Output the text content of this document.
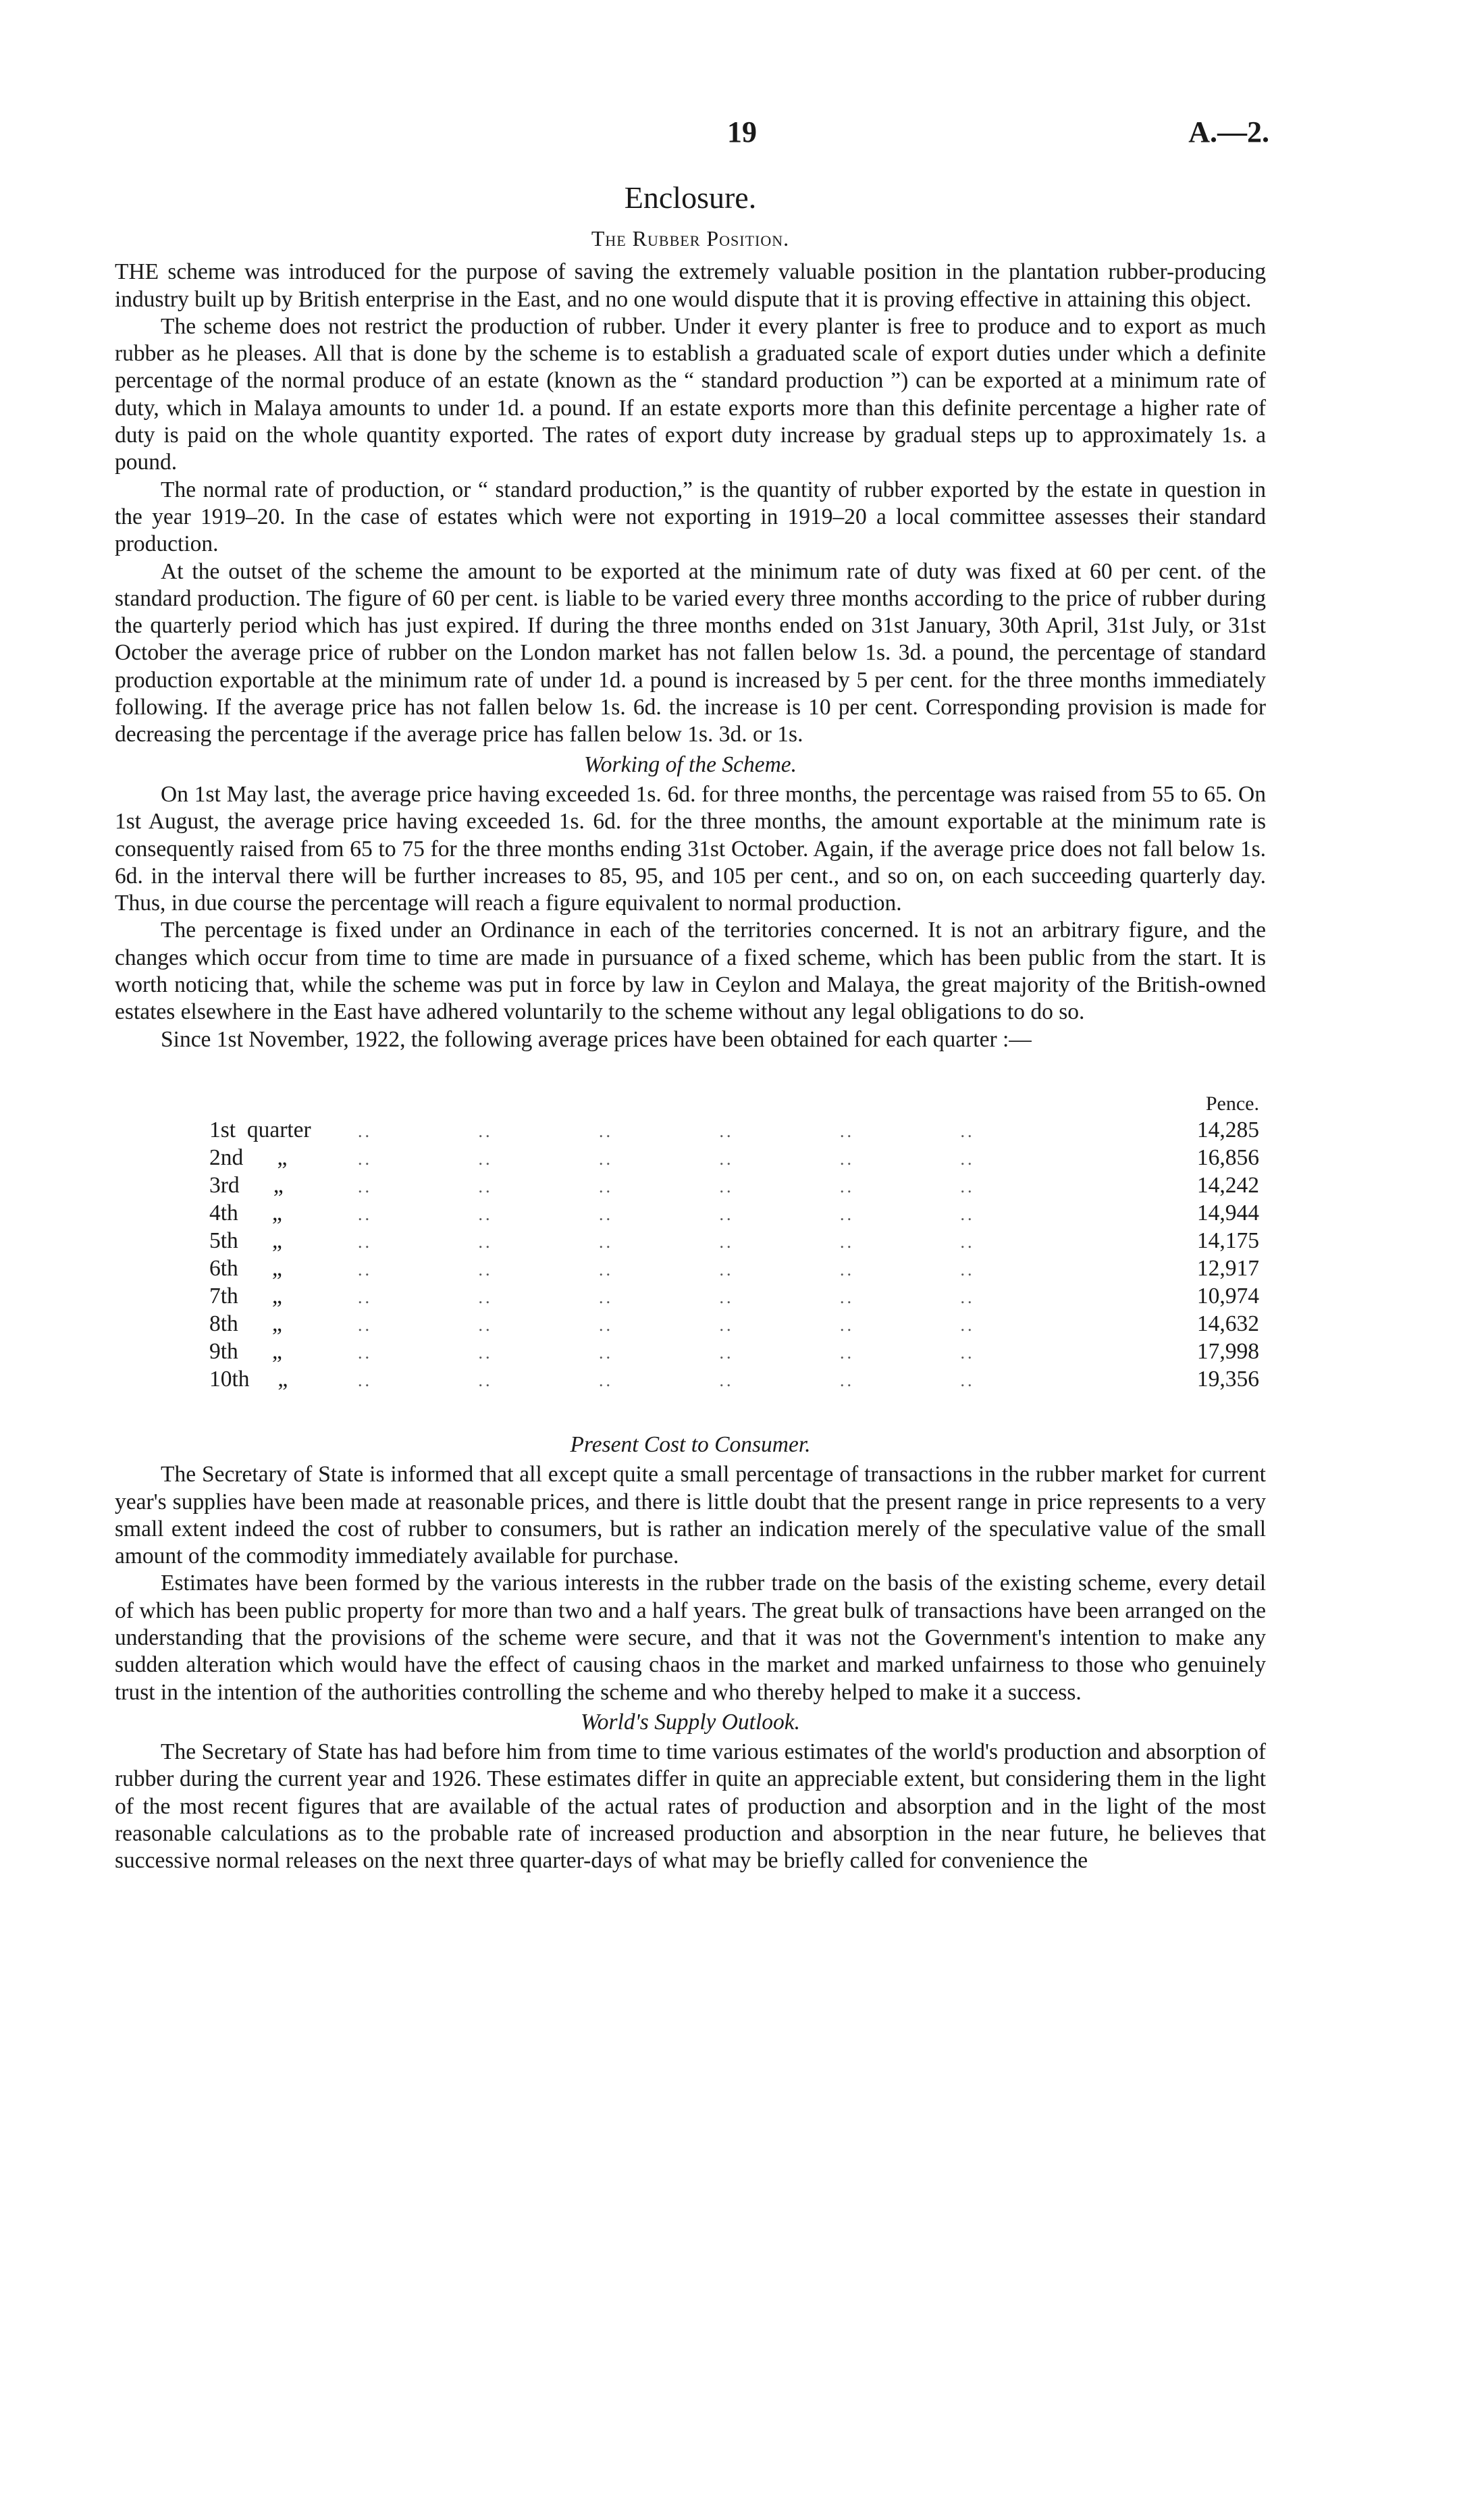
19	A.—2.
Enclosure.
The Rubber Position.

THE scheme was introduced for the purpose of saving the extremely valuable position in the plantation rubber-producing industry built up by British enterprise in the East, and no one would dispute that it is proving effective in attaining this object.

The scheme does not restrict the production of rubber. Under it every planter is free to produce and to export as much rubber as he pleases. All that is done by the scheme is to establish a graduated scale of export duties under which a definite percentage of the normal produce of an estate (known as the “ standard production ”) can be exported at a minimum rate of duty, which in Malaya amounts to under 1d. a pound. If an estate exports more than this definite percentage a higher rate of duty is paid on the whole quantity exported. The rates of export duty increase by gradual steps up to approximately 1s. a pound.

The normal rate of production, or “ standard production,” is the quantity of rubber exported by the estate in question in the year 1919–20. In the case of estates which were not exporting in 1919–20 a local committee assesses their standard production.

At the outset of the scheme the amount to be exported at the minimum rate of duty was fixed at 60 per cent. of the standard production. The figure of 60 per cent. is liable to be varied every three months according to the price of rubber during the quarterly period which has just expired. If during the three months ended on 31st January, 30th April, 31st July, or 31st October the average price of rubber on the London market has not fallen below 1s. 3d. a pound, the percentage of standard production exportable at the minimum rate of under 1d. a pound is increased by 5 per cent. for the three months immediately following. If the average price has not fallen below 1s. 6d. the increase is 10 per cent. Corresponding provision is made for decreasing the percentage if the average price has fallen below 1s. 3d. or 1s.

Working of the Scheme.

On 1st May last, the average price having exceeded 1s. 6d. for three months, the percentage was raised from 55 to 65. On 1st August, the average price having exceeded 1s. 6d. for the three months, the amount exportable at the minimum rate is consequently raised from 65 to 75 for the three months ending 31st October. Again, if the average price does not fall below 1s. 6d. in the interval there will be further increases to 85, 95, and 105 per cent., and so on, on each succeeding quarterly day. Thus, in due course the percentage will reach a figure equivalent to normal production.

The percentage is fixed under an Ordinance in each of the territories concerned. It is not an arbitrary figure, and the changes which occur from time to time are made in pursuance of a fixed scheme, which has been public from the start. It is worth noticing that, while the scheme was put in force by law in Ceylon and Malaya, the great majority of the British-owned estates elsewhere in the East have adhered voluntarily to the scheme without any legal obligations to do so.

Since 1st November, 1922, the following average prices have been obtained for each quarter :—

Pence.
1st  quarter	..               ..               ..               ..               ..               ..	14,285
2nd      „	..               ..               ..               ..               ..               ..	16,856
3rd      „	..               ..               ..               ..               ..               ..	14,242
4th      „	..               ..               ..               ..               ..               ..	14,944
5th      „	..               ..               ..               ..               ..               ..	14,175
6th      „	..               ..               ..               ..               ..               ..	12,917
7th      „	..               ..               ..               ..               ..               ..	10,974
8th      „	..               ..               ..               ..               ..               ..	14,632
9th      „	..               ..               ..               ..               ..               ..	17,998
10th     „	..               ..               ..               ..               ..               ..	19,356
Present Cost to Consumer.

The Secretary of State is informed that all except quite a small percentage of transactions in the rubber market for current year's supplies have been made at reasonable prices, and there is little doubt that the present range in price represents to a very small extent indeed the cost of rubber to consumers, but is rather an indication merely of the speculative value of the small amount of the commodity immediately available for purchase.

Estimates have been formed by the various interests in the rubber trade on the basis of the existing scheme, every detail of which has been public property for more than two and a half years. The great bulk of transactions have been arranged on the understanding that the provisions of the scheme were secure, and that it was not the Government's intention to make any sudden alteration which would have the effect of causing chaos in the market and marked unfairness to those who genuinely trust in the intention of the authorities controlling the scheme and who thereby helped to make it a success.

World's Supply Outlook.

The Secretary of State has had before him from time to time various estimates of the world's production and absorption of rubber during the current year and 1926. These estimates differ in quite an appreciable extent, but considering them in the light of the most recent figures that are available of the actual rates of production and absorption and in the light of the most reasonable calculations as to the probable rate of increased production and absorption in the near future, he believes that successive normal releases on the next three quarter-days of what may be briefly called for convenience the
